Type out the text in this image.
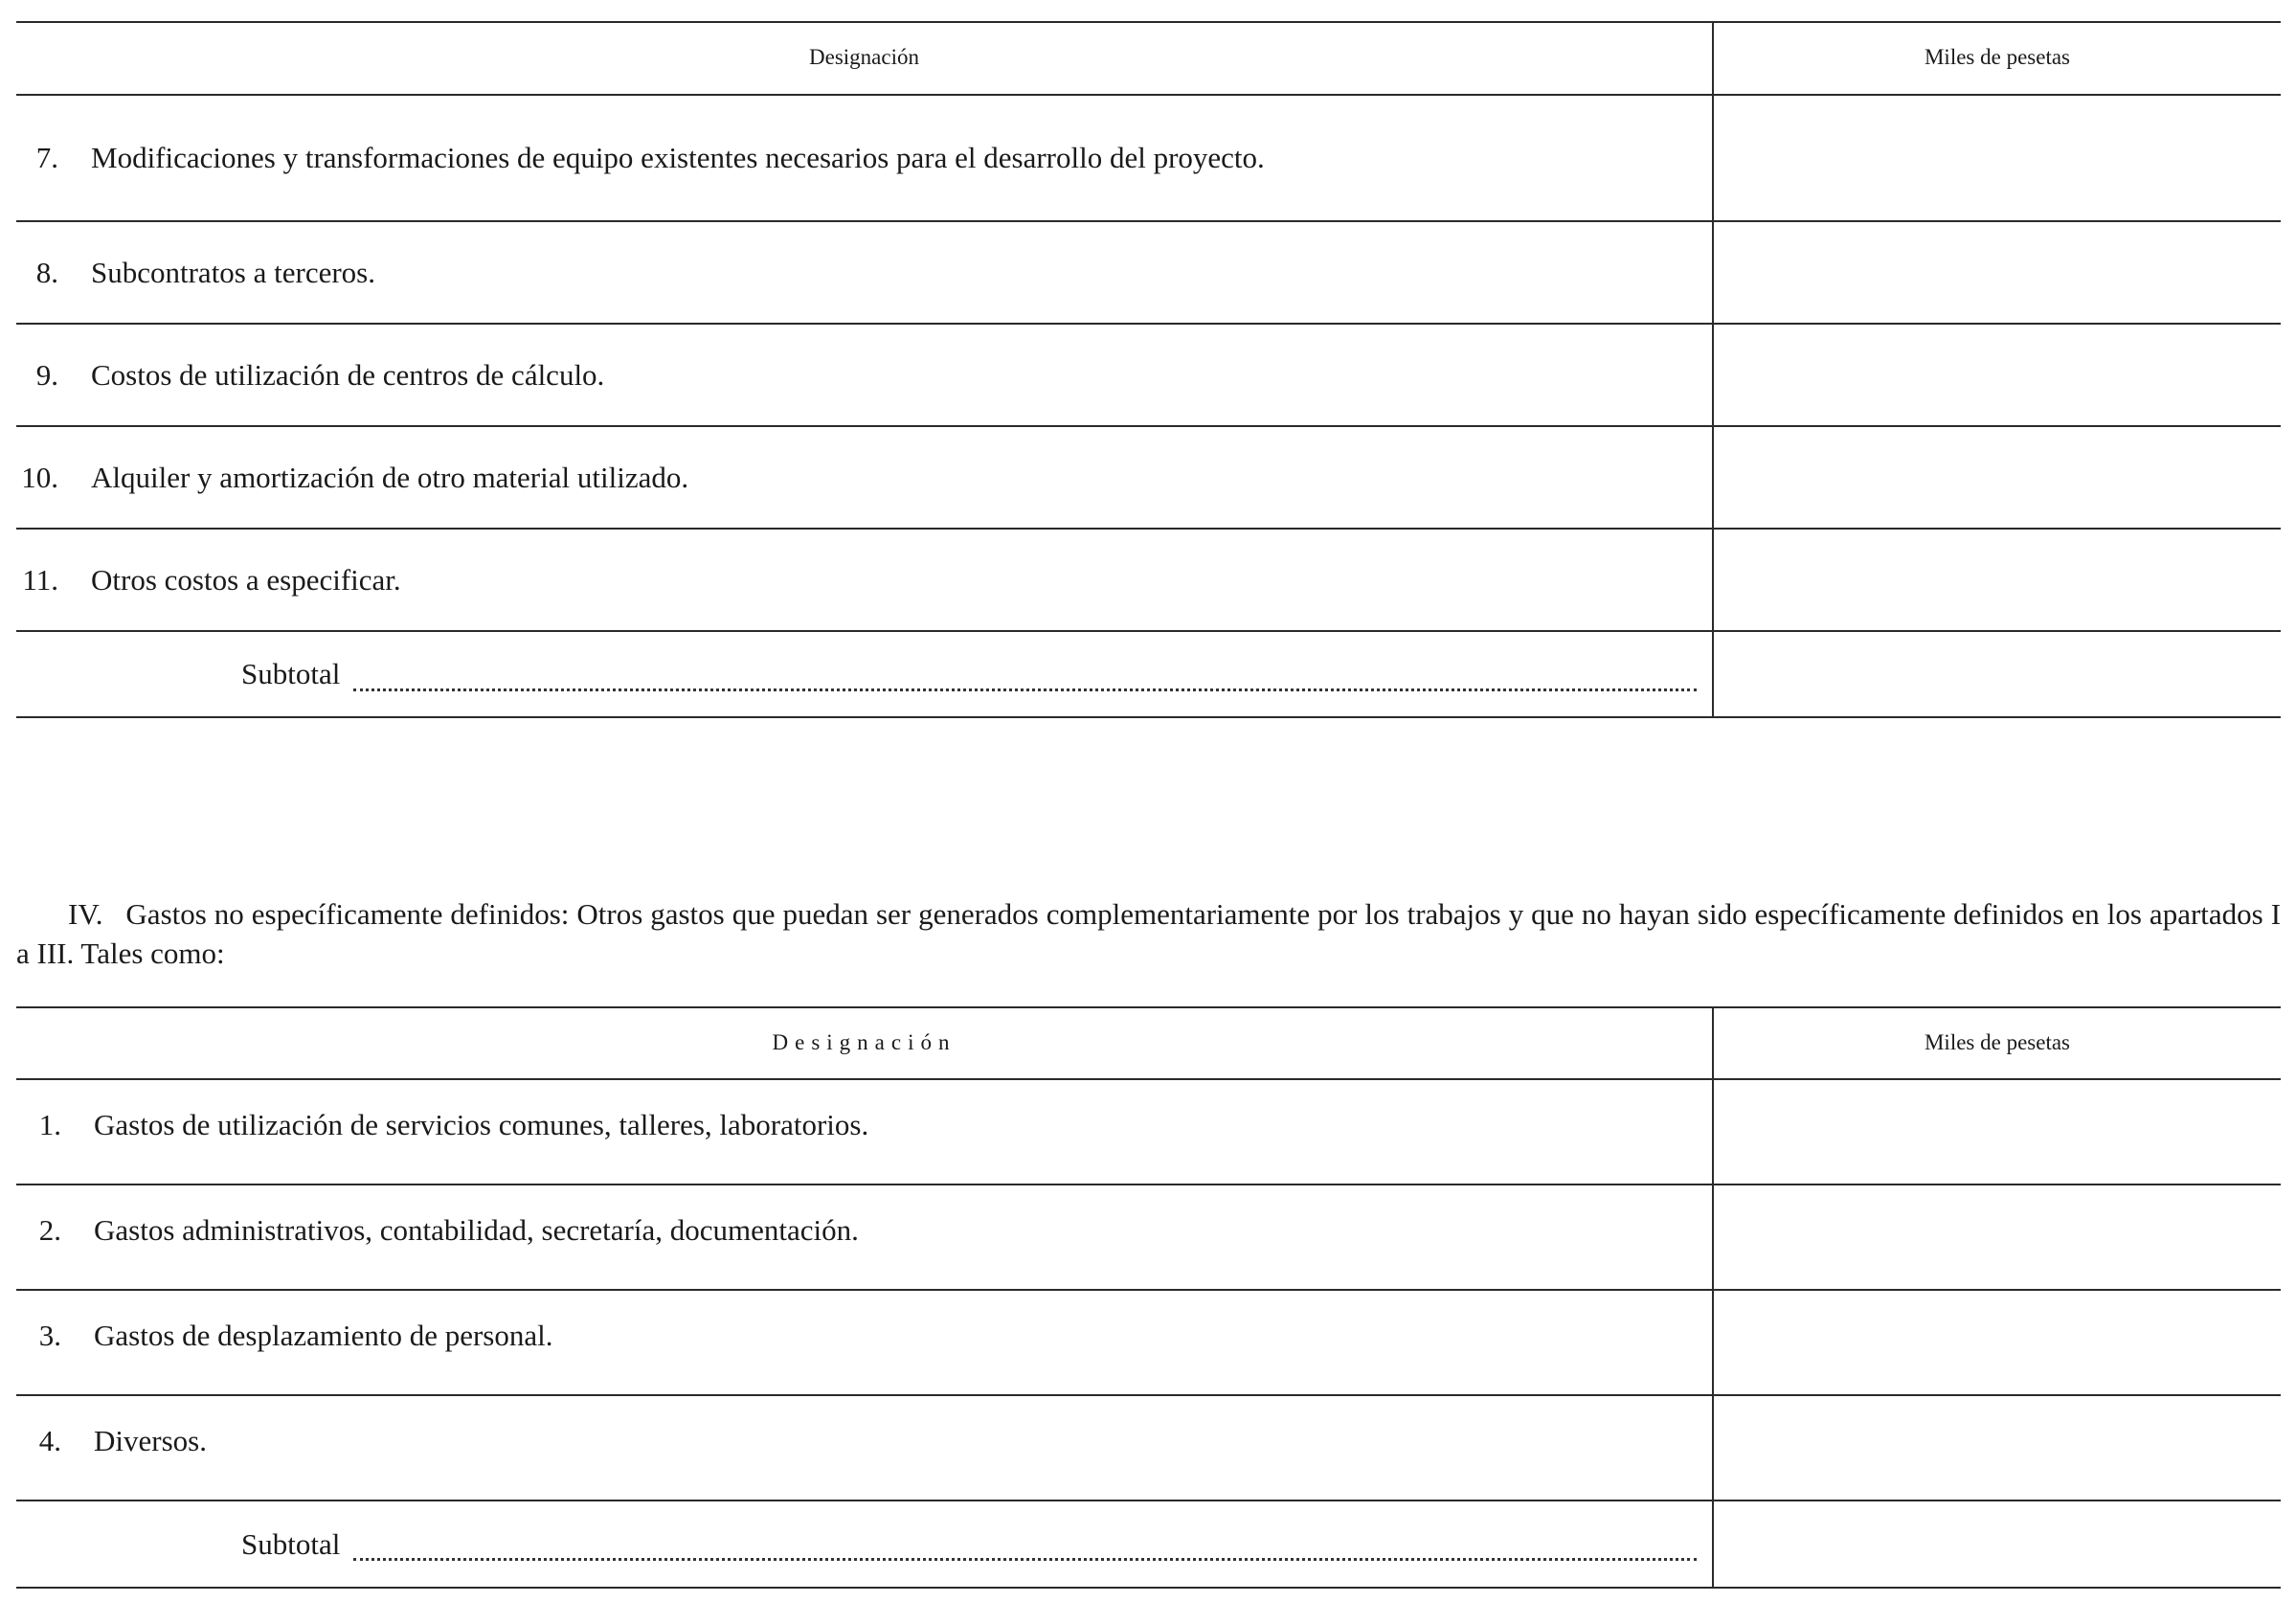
Designación	Miles de pesetas
7. Modificaciones y transformaciones de equipo existentes necesarios para el desarrollo del proyecto.
8. Subcontratos a terceros.
9. Costos de utilización de centros de cálculo.
10. Alquiler y amortización de otro material utilizado.
11. Otros costos a especificar.
Subtotal
IV. Gastos no específicamente definidos: Otros gastos que puedan ser generados complementariamente por los trabajos y que no hayan sido específicamente definidos en los apartados I a III. Tales como:
Designación	Miles de pesetas
1. Gastos de utilización de servicios comunes, talleres, laboratorios.
2. Gastos administrativos, contabilidad, secretaría, documentación.
3. Gastos de desplazamiento de personal.
4. Diversos.
Subtotal
